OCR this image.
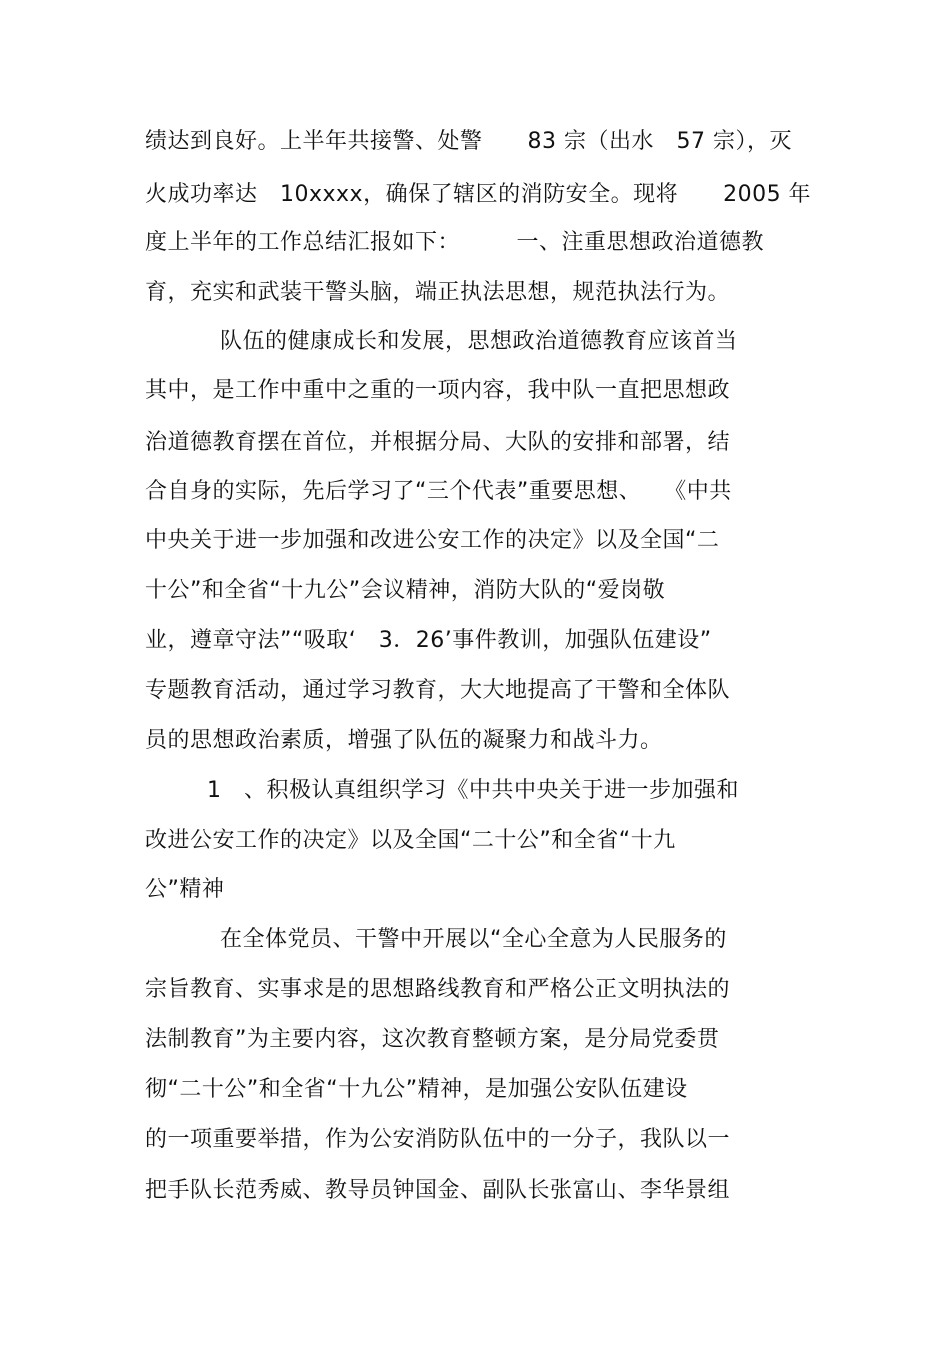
绩达到良好。上半年共接警、处警　　83 宗（出水　57 宗），灭

火成功率达　10xxxx，确保了辖区的消防安全。现将　　2005 年

度上半年的工作总结汇报如下：　　　一、注重思想政治道德教

育，充实和武装干警头脑，端正执法思想，规范执法行为。

队伍的健康成长和发展，思想政治道德教育应该首当

其中，是工作中重中之重的一项内容，我中队一直把思想政

治道德教育摆在首位，并根据分局、大队的安排和部署，结

合自身的实际，先后学习了“三个代表”重要思想、　　《中共

中央关于进一步加强和改进公安工作的决定》以及全国“二

十公”和全省“十九公”会议精神，消防大队的“爱岗敬

业，遵章守法”“吸取‘　3．26’事件教训，加强队伍建设”

专题教育活动，通过学习教育，大大地提高了干警和全体队

员的思想政治素质，增强了队伍的凝聚力和战斗力。

1　、积极认真组织学习《中共中央关于进一步加强和

改进公安工作的决定》以及全国“二十公”和全省“十九

公”精神

在全体党员、干警中开展以“全心全意为人民服务的

宗旨教育、实事求是的思想路线教育和严格公正文明执法的

法制教育”为主要内容，这次教育整顿方案，是分局党委贯

彻“二十公”和全省“十九公”精神，是加强公安队伍建设

的一项重要举措，作为公安消防队伍中的一分子，我队以一

把手队长范秀威、教导员钟国金、副队长张富山、李华景组
